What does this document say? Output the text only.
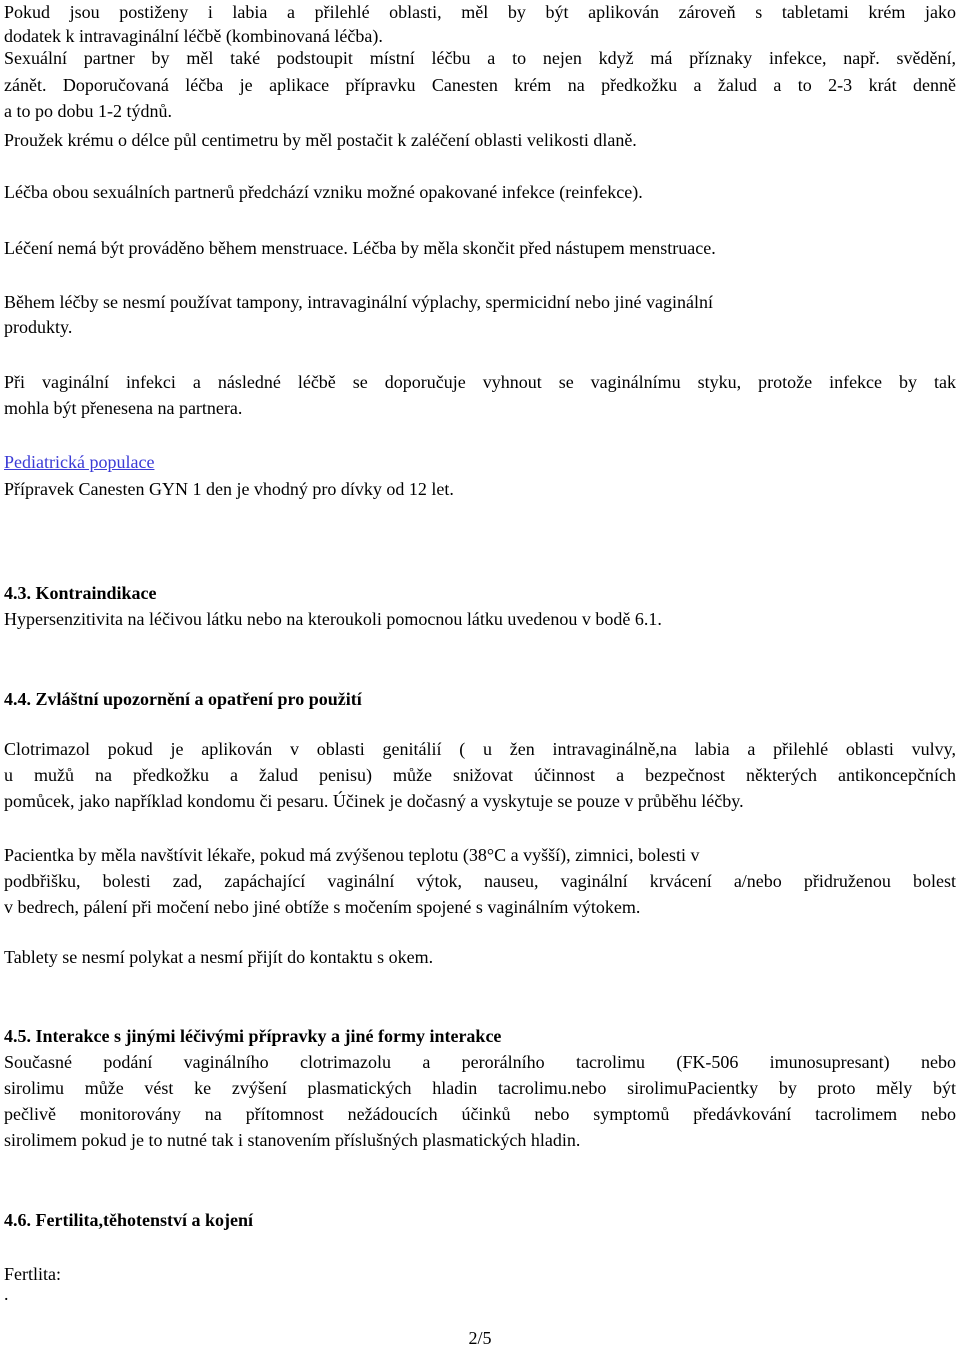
Pokud jsou postiženy i labia a přilehlé oblasti, měl by být aplikován zároveň s tabletami krém jako
dodatek k intravaginální léčbě (kombinovaná léčba).
Sexuální partner by měl také podstoupit místní léčbu a to nejen když má příznaky infekce, např. svědění,
zánět. Doporučovaná léčba je aplikace přípravku Canesten krém na předkožku a žalud a to 2-3 krát denně
a to po dobu 1-2 týdnů.
Proužek krému o délce půl centimetru by měl postačit k zaléčení oblasti velikosti dlaně.
Léčba obou sexuálních partnerů předchází vzniku možné opakované infekce (reinfekce).
Léčení nemá být prováděno během menstruace. Léčba by měla skončit před nástupem menstruace.
Během léčby se nesmí používat tampony, intravaginální výplachy, spermicidní nebo jiné vaginální
produkty.
Při vaginální infekci a následné léčbě se doporučuje vyhnout se vaginálnímu styku, protože infekce by tak
mohla být přenesena na partnera.
Pediatrická populace
Přípravek Canesten GYN 1 den je vhodný pro dívky od 12 let.
4.3. Kontraindikace
Hypersenzitivita na léčivou látku nebo na kteroukoli pomocnou látku uvedenou v bodě 6.1.
4.4. Zvláštní upozornění a opatření pro použití
Clotrimazol pokud je aplikován v oblasti genitálií ( u žen intravaginálně,na labia a přilehlé oblasti vulvy,
u mužů na předkožku a žalud penisu) může snižovat účinnost a bezpečnost některých antikoncepčních
pomůcek, jako například kondomu či pesaru. Účinek je dočasný a vyskytuje se pouze v průběhu léčby.
Pacientka by měla navštívit lékaře, pokud má zvýšenou teplotu (38°C a vyšší), zimnici, bolesti v
podbřišku, bolesti zad, zapáchající vaginální výtok, nauseu, vaginální krvácení a/nebo přidruženou bolest
v bedrech, pálení při močení nebo jiné obtíže s močením spojené s vaginálním výtokem.
Tablety se nesmí polykat a nesmí přijít do kontaktu s okem.
4.5. Interakce s jinými léčivými přípravky a jiné formy interakce
Současné podání vaginálního clotrimazolu a perorálního tacrolimu (FK-506 imunosupresant) nebo
sirolimu může vést ke zvýšení plasmatických hladin tacrolimu.nebo sirolimuPacientky by proto měly být
pečlivě monitorovány na přítomnost nežádoucích účinků nebo symptomů předávkování tacrolimem nebo
sirolimem pokud je to nutné tak i stanovením příslušných plasmatických hladin.
4.6. Fertilita,těhotenství a kojení
Fertlita:
.
2/5
